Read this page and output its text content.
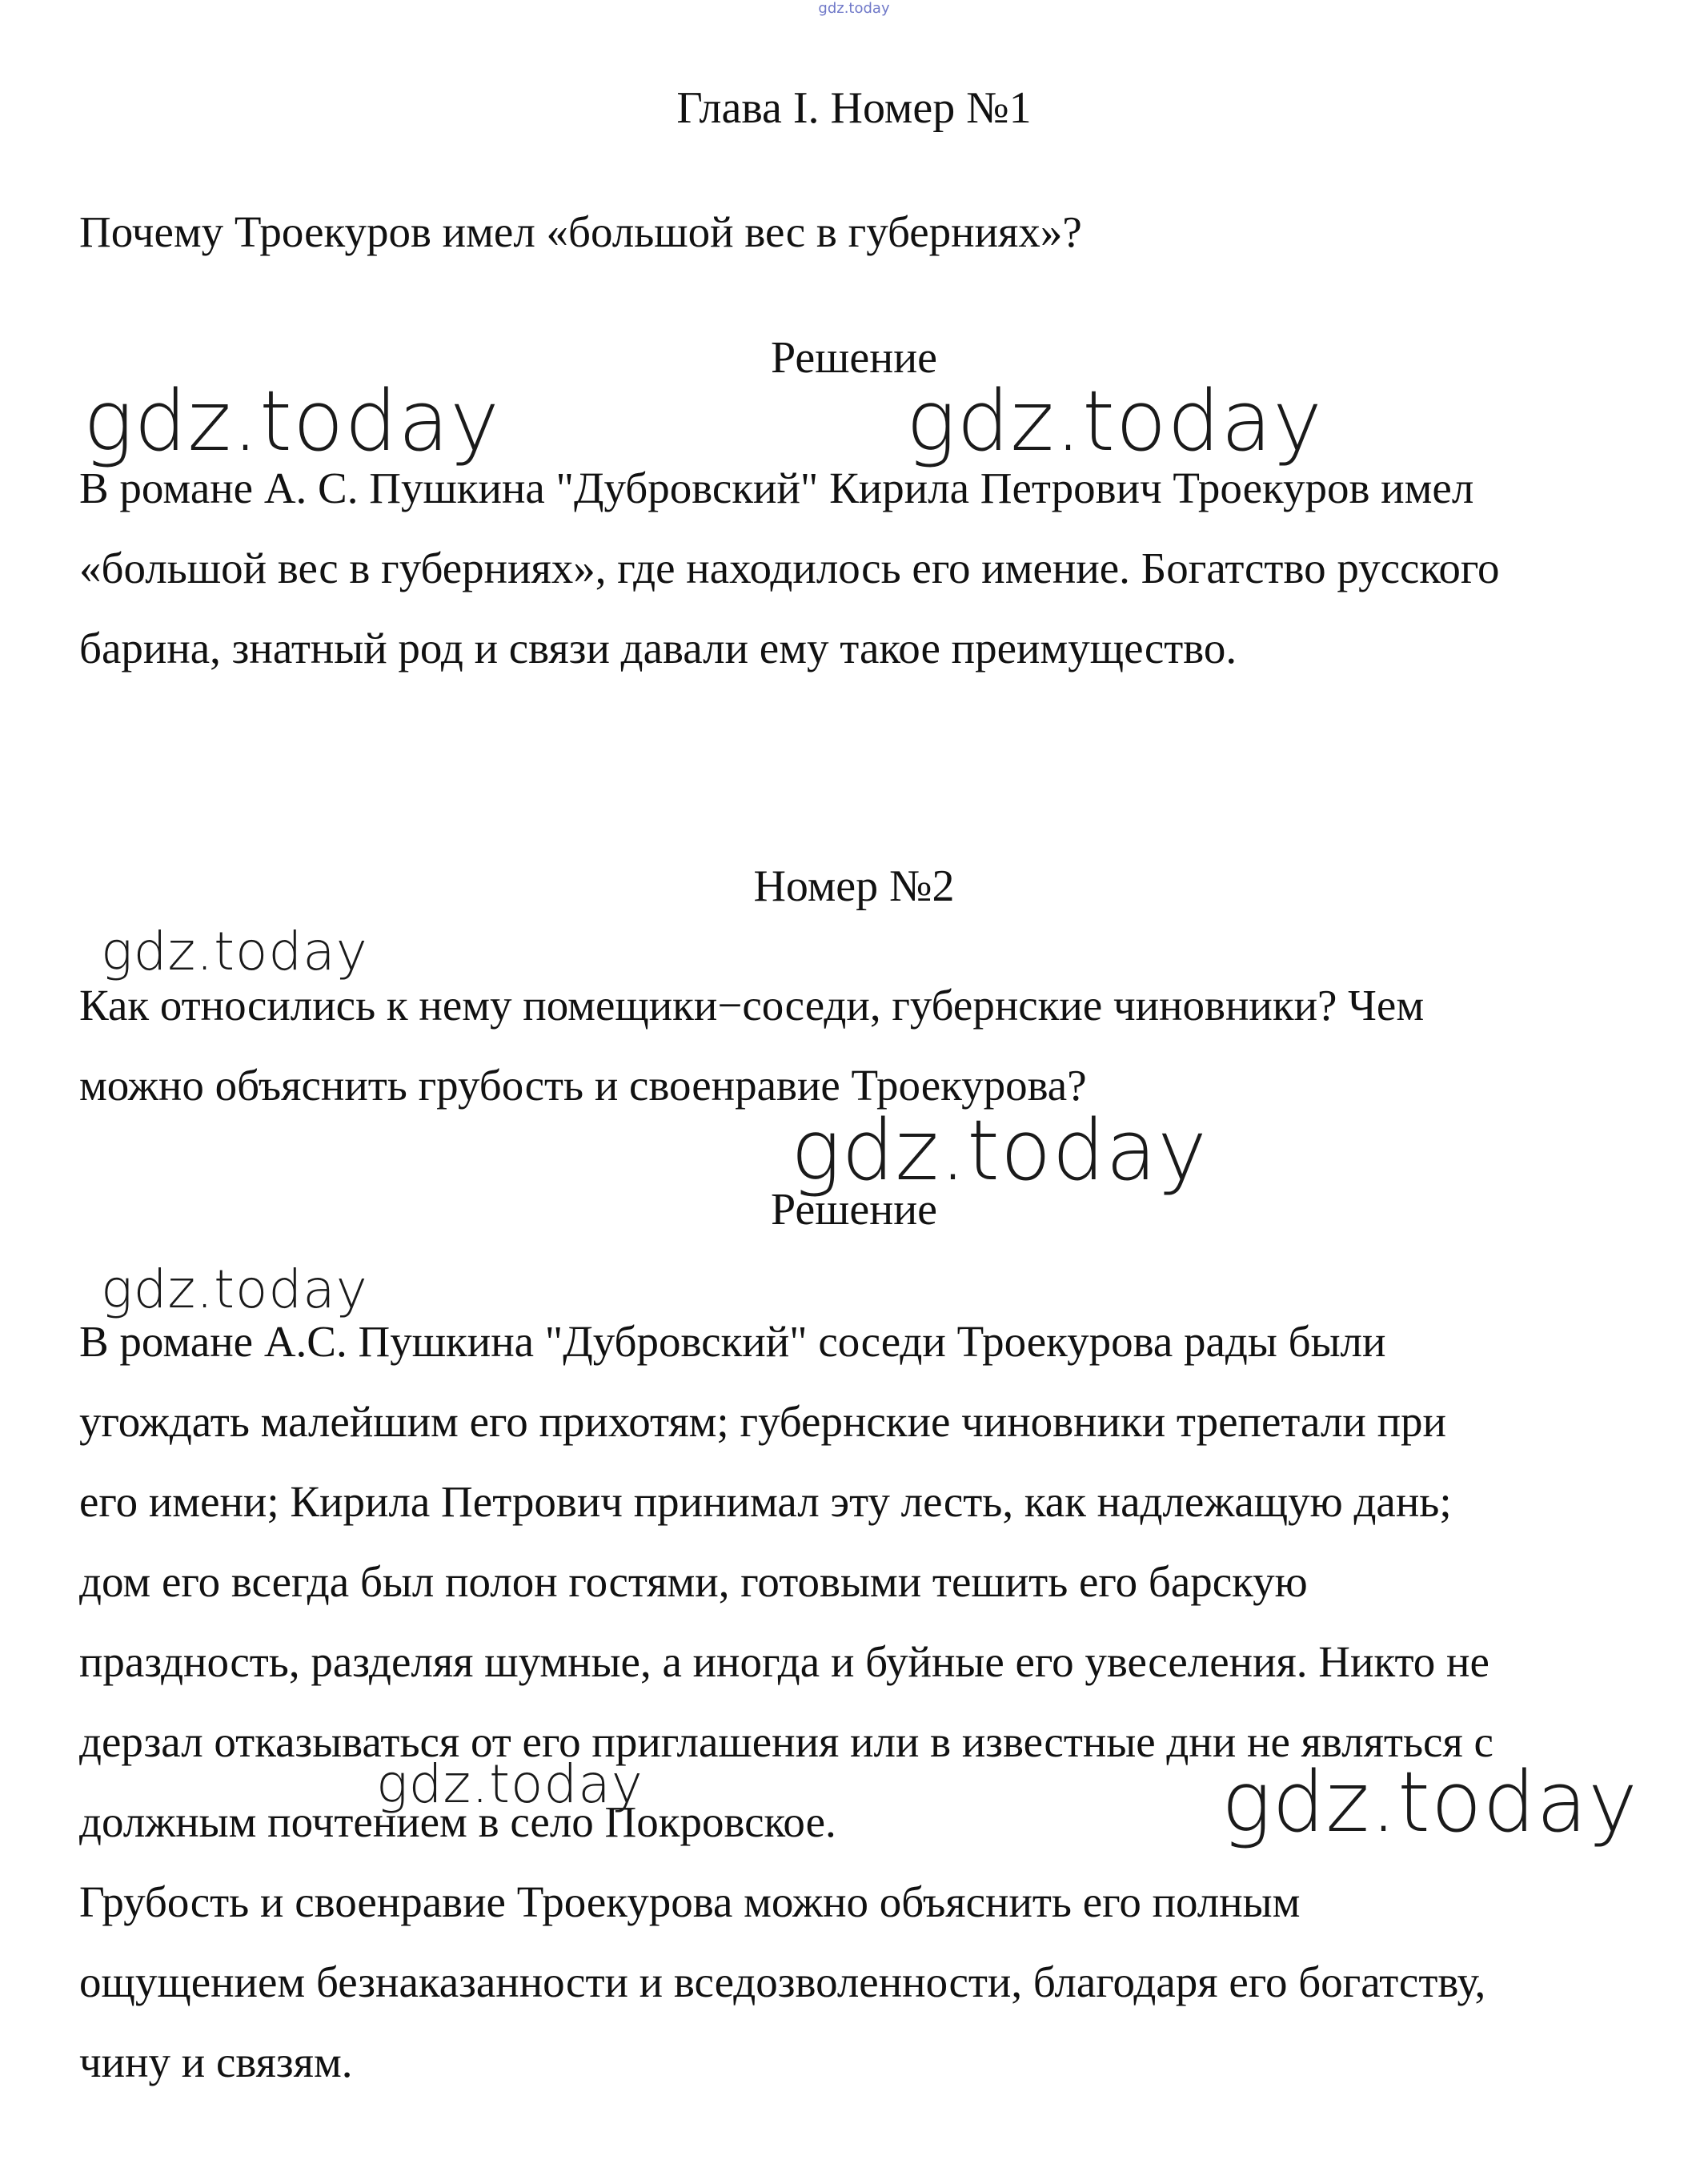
gdz.today
Глава I. Номер №1

Почему Троекуров имел «большой вес в губерниях»?

Решение

В романе А. С. Пушкина "Дубровский" Кирила Петрович Троекуров имел
«большой вес в губерниях», где находилось его имение. Богатство русского
барина, знатный род и связи давали ему такое преимущество.

Номер №2

Как относились к нему помещики−соседи, губернские чиновники? Чем
можно объяснить грубость и своенравие Троекурова?

Решение

В романе А.С. Пушкина "Дубровский" соседи Троекурова рады были
угождать малейшим его прихотям; губернские чиновники трепетали при
его имени; Кирила Петрович принимал эту лесть, как надлежащую дань;
дом его всегда был полон гостями, готовыми тешить его барскую
праздность, разделяя шумные, а иногда и буйные его увеселения. Никто не
дерзал отказываться от его приглашения или в известные дни не являться с
должным почтением в село Покровское.
Грубость и своенравие Троекурова можно объяснить его полным
ощущением безнаказанности и вседозволенности, благодаря его богатству,
чину и связям.

gdz.today	gdz.today
gdz.today
gdz.today
gdz.today
gdz.today	gdz.today
